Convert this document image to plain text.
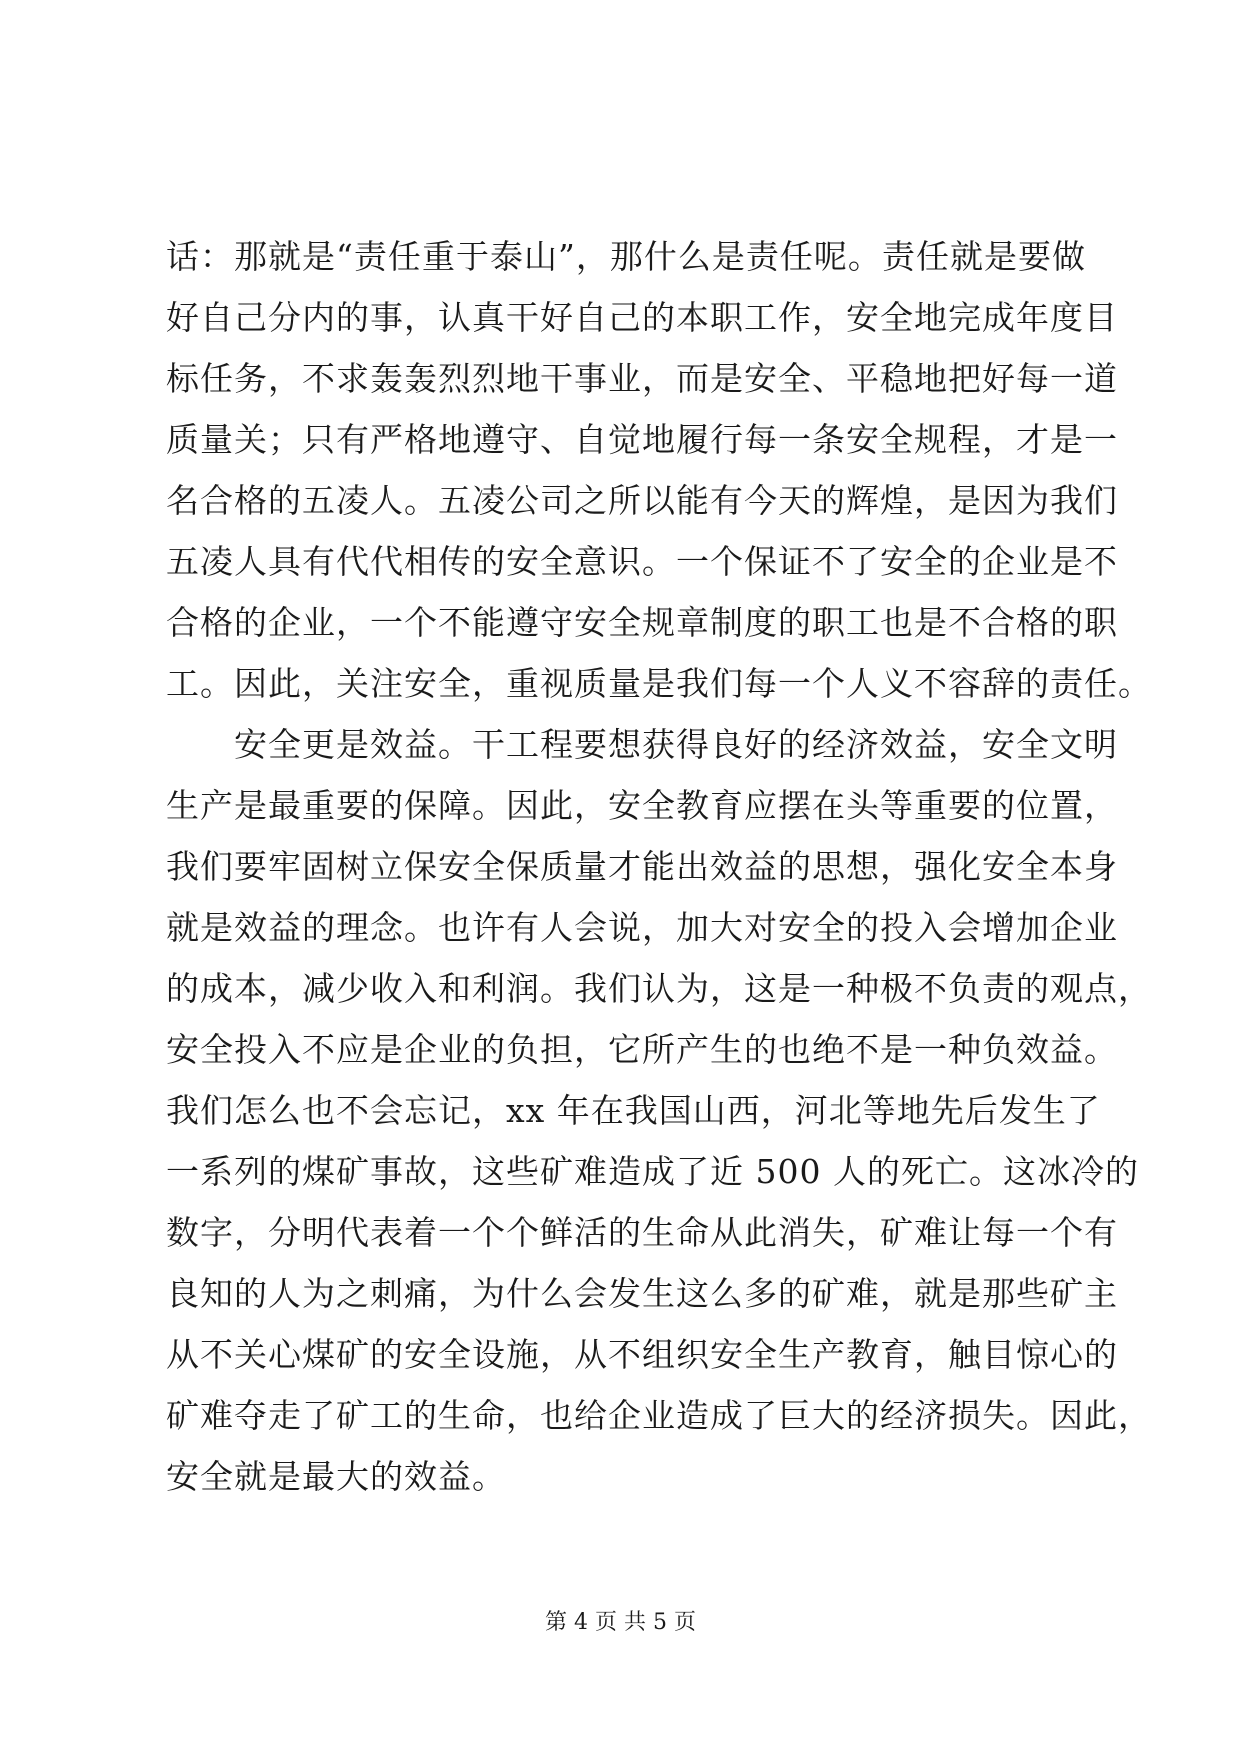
话：那就是“责任重于泰山”，那什么是责任呢。责任就是要做
好自己分内的事，认真干好自己的本职工作，安全地完成年度目
标任务，不求轰轰烈烈地干事业，而是安全、平稳地把好每一道
质量关；只有严格地遵守、自觉地履行每一条安全规程，才是一
名合格的五凌人。五凌公司之所以能有今天的辉煌，是因为我们
五凌人具有代代相传的安全意识。一个保证不了安全的企业是不
合格的企业，一个不能遵守安全规章制度的职工也是不合格的职
工。因此，关注安全，重视质量是我们每一个人义不容辞的责任。
安全更是效益。干工程要想获得良好的经济效益，安全文明
生产是最重要的保障。因此，安全教育应摆在头等重要的位置，
我们要牢固树立保安全保质量才能出效益的思想，强化安全本身
就是效益的理念。也许有人会说，加大对安全的投入会增加企业
的成本，减少收入和利润。我们认为，这是一种极不负责的观点，
安全投入不应是企业的负担，它所产生的也绝不是一种负效益。
我们怎么也不会忘记，xx 年在我国山西，河北等地先后发生了
一系列的煤矿事故，这些矿难造成了近 500 人的死亡。这冰冷的
数字，分明代表着一个个鲜活的生命从此消失，矿难让每一个有
良知的人为之刺痛，为什么会发生这么多的矿难，就是那些矿主
从不关心煤矿的安全设施，从不组织安全生产教育，触目惊心的
矿难夺走了矿工的生命，也给企业造成了巨大的经济损失。因此，
安全就是最大的效益。
第 4 页 共 5 页
